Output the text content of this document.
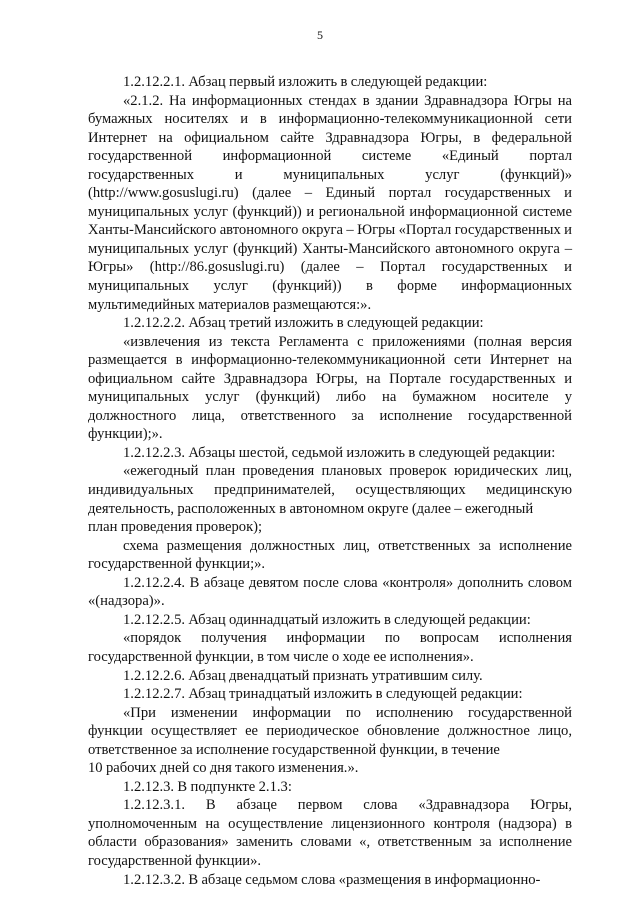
5

1.2.12.2.1. Абзац первый изложить в следующей редакции:

«2.1.2. На информационных стендах в здании Здравнадзора Югры на бумажных носителях и в информационно-телекоммуникационной сети Интернет на официальном сайте Здравнадзора Югры, в федеральной государственной информационной системе «Единый портал государственных и муниципальных услуг (функций)» (http://www.gosuslugi.ru) (далее – Единый портал государственных и муниципальных услуг (функций)) и региональной информационной системе Ханты-Мансийского автономного округа – Югры «Портал государственных и муниципальных услуг (функций) Ханты-Мансийского автономного округа – Югры» (http://86.gosuslugi.ru) (далее – Портал государственных и муниципальных услуг (функций)) в форме информационных мультимедийных материалов размещаются:».

1.2.12.2.2. Абзац третий изложить в следующей редакции:

«извлечения из текста Регламента с приложениями (полная версия размещается в информационно-телекоммуникационной сети Интернет на официальном сайте Здравнадзора Югры, на Портале государственных и муниципальных услуг (функций) либо на бумажном носителе у должностного лица, ответственного за исполнение государственной функции);».

1.2.12.2.3. Абзацы шестой, седьмой изложить в следующей редакции:

«ежегодный план проведения плановых проверок юридических лиц, индивидуальных предпринимателей, осуществляющих медицинскую деятельность, расположенных в автономном округе (далее – ежегодный
план проведения проверок);

схема размещения должностных лиц, ответственных за исполнение государственной функции;».

1.2.12.2.4. В абзаце девятом после слова «контроля» дополнить словом «(надзора)».

1.2.12.2.5. Абзац одиннадцатый изложить в следующей редакции:

«порядок получения информации по вопросам исполнения государственной функции, в том числе о ходе ее исполнения».

1.2.12.2.6. Абзац двенадцатый признать утратившим силу.

1.2.12.2.7. Абзац тринадцатый изложить в следующей редакции:

«При изменении информации по исполнению государственной функции осуществляет ее периодическое обновление должностное лицо, ответственное за исполнение государственной функции, в течение
10 рабочих дней со дня такого изменения.».

1.2.12.3. В подпункте 2.1.3:

1.2.12.3.1. В абзаце первом слова «Здравнадзора Югры, уполномоченным на осуществление лицензионного контроля (надзора) в области образования» заменить словами «, ответственным за исполнение государственной функции».

1.2.12.3.2. В абзаце седьмом слова «размещения в информационно-
